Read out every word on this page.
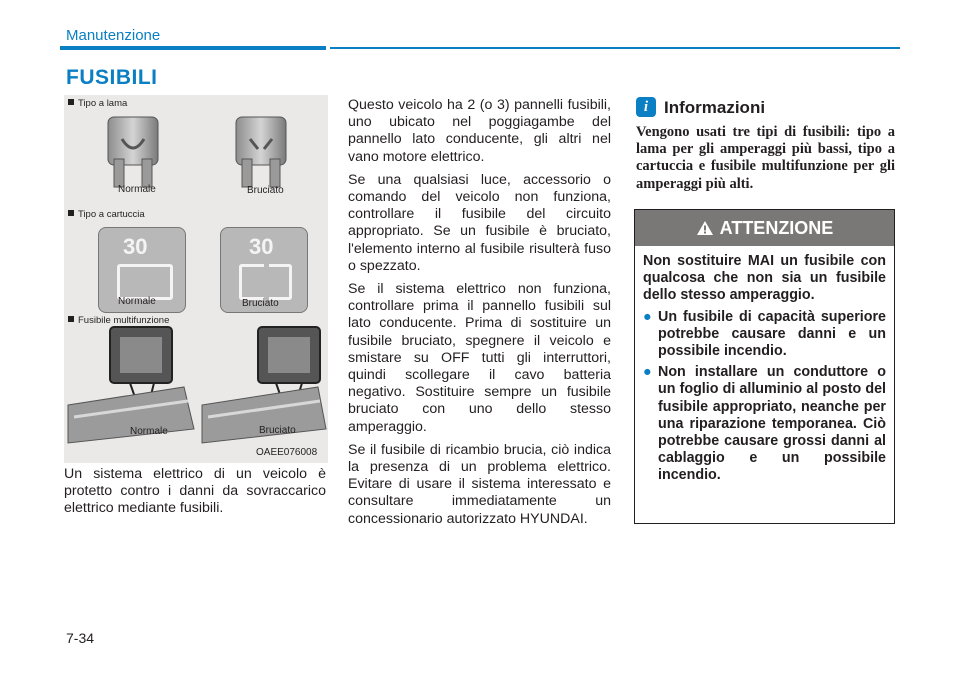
Manutenzione
FUSIBILI
Tipo a lama
Normale	Bruciato
Tipo a cartuccia
30
Normale
30
Bruciato
Fusibile multifunzione
Normale	Bruciato
OAEE076008
Un sistema elettrico di un veicolo è protetto contro i danni da sovraccarico elettrico mediante fusibili.

Questo veicolo ha 2 (o 3) pannelli fusibili, uno ubicato nel poggiagambe del pannello lato conducente, gli altri nel vano motore elettrico.

Se una qualsiasi luce, accessorio o comando del veicolo non funziona, controllare il fusibile del circuito appropriato. Se un fusibile è bruciato, l'elemento interno al fusibile risulterà fuso o spezzato.

Se il sistema elettrico non funziona, controllare prima il pannello fusibili sul lato conducente. Prima di sostituire un fusibile bruciato, spegnere il veicolo e smistare su OFF tutti gli interruttori, quindi scollegare il cavo batteria negativo. Sostituire sempre un fusibile bruciato con uno dello stesso amperaggio.

Se il fusibile di ricambio brucia, ciò indica la presenza di un problema elettrico. Evitare di usare il sistema interessato e consultare immediatamente un concessionario autorizzato HYUNDAI.

i Informazioni
Vengono usati tre tipi di fusibili: tipo a lama per gli amperaggi più bassi, tipo a cartuccia e fusibile multifunzione per gli amperaggi più alti.
ATTENZIONE

Non sostituire MAI un fusibile con qualcosa che non sia un fusibile dello stesso amperaggio.

● Un fusibile di capacità superiore potrebbe causare danni e un possibile incendio.
● Non installare un conduttore o un foglio di alluminio al posto del fusibile appropriato, neanche per una riparazione temporanea. Ciò potrebbe causare grossi danni al cablaggio e un possibile incendio.
7-34
